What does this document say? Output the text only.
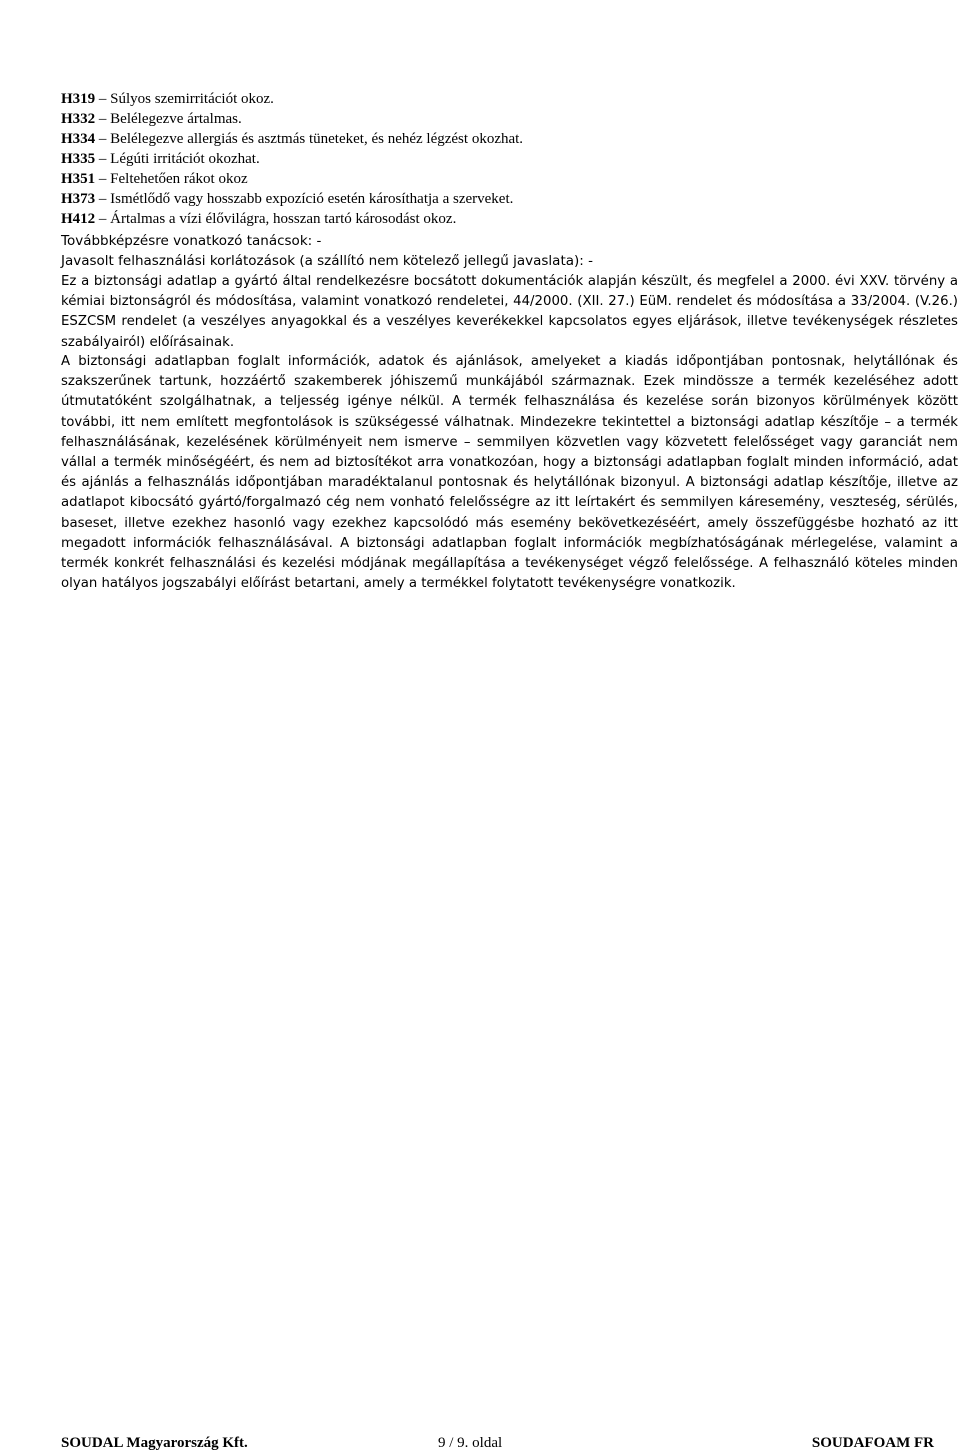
Elkészítés időpontja:. 2008. június 11.
Felülvizsgálat időpontja: 2012. május 21
Verziószám: 2
http://www.biztonsagiadatlap.hu
H319 – Súlyos szemirritációt okoz.
H332 – Belélegezve ártalmas.
H334 – Belélegezve allergiás és asztmás tüneteket, és nehéz légzést okozhat.
H335 – Légúti irritációt okozhat.
H351 – Feltehetően rákot okoz
H373 – Ismétlődő vagy hosszabb expozíció esetén károsíthatja a szerveket.
H412 – Ártalmas a vízi élővilágra, hosszan tartó károsodást okoz.
Továbbképzésre vonatkozó tanácsok: -
Javasolt felhasználási korlátozások (a szállító nem kötelező jellegű javaslata): -

Ez a biztonsági adatlap a gyártó által rendelkezésre bocsátott dokumentációk alapján készült, és megfelel a 2000. évi XXV. törvény a kémiai biztonságról és módosítása, valamint vonatkozó rendeletei, 44/2000. (XII. 27.) EüM. rendelet és módosítása a 33/2004. (V.26.) ESZCSM rendelet (a veszélyes anyagokkal és a veszélyes keverékekkel kapcsolatos egyes eljárások, illetve tevékenységek részletes szabályairól) előírásainak.

A biztonsági adatlapban foglalt információk, adatok és ajánlások, amelyeket a kiadás időpontjában pontosnak, helytállónak és szakszerűnek tartunk, hozzáértő szakemberek jóhiszemű munkájából származnak. Ezek mindössze a termék kezeléséhez adott útmutatóként szolgálhatnak, a teljesség igénye nélkül. A termék felhasználása és kezelése során bizonyos körülmények között további, itt nem említett megfontolások is szükségessé válhatnak. Mindezekre tekintettel a biztonsági adatlap készítője – a termék felhasználásának, kezelésének körülményeit nem ismerve – semmilyen közvetlen vagy közvetett felelősséget vagy garanciát nem vállal a termék minőségéért, és nem ad biztosítékot arra vonatkozóan, hogy a biztonsági adatlapban foglalt minden információ, adat és ajánlás a felhasználás időpontjában maradéktalanul pontosnak és helytállónak bizonyul. A biztonsági adatlap készítője, illetve az adatlapot kibocsátó gyártó/forgalmazó cég nem vonható felelősségre az itt leírtakért és semmilyen káresemény, veszteség, sérülés, baseset, illetve ezekhez hasonló vagy ezekhez kapcsolódó más esemény bekövetkezéséért, amely összefüggésbe hozható az itt megadott információk felhasználásával. A biztonsági adatlapban foglalt információk megbízhatóságának mérlegelése, valamint a termék konkrét felhasználási és kezelési módjának megállapítása a tevékenységet végző felelőssége. A felhasználó köteles minden olyan hatályos jogszabályi előírást betartani, amely a termékkel folytatott tevékenységre vonatkozik.

SOUDAL Magyarország Kft.	9 / 9. oldal	SOUDAFOAM FR
